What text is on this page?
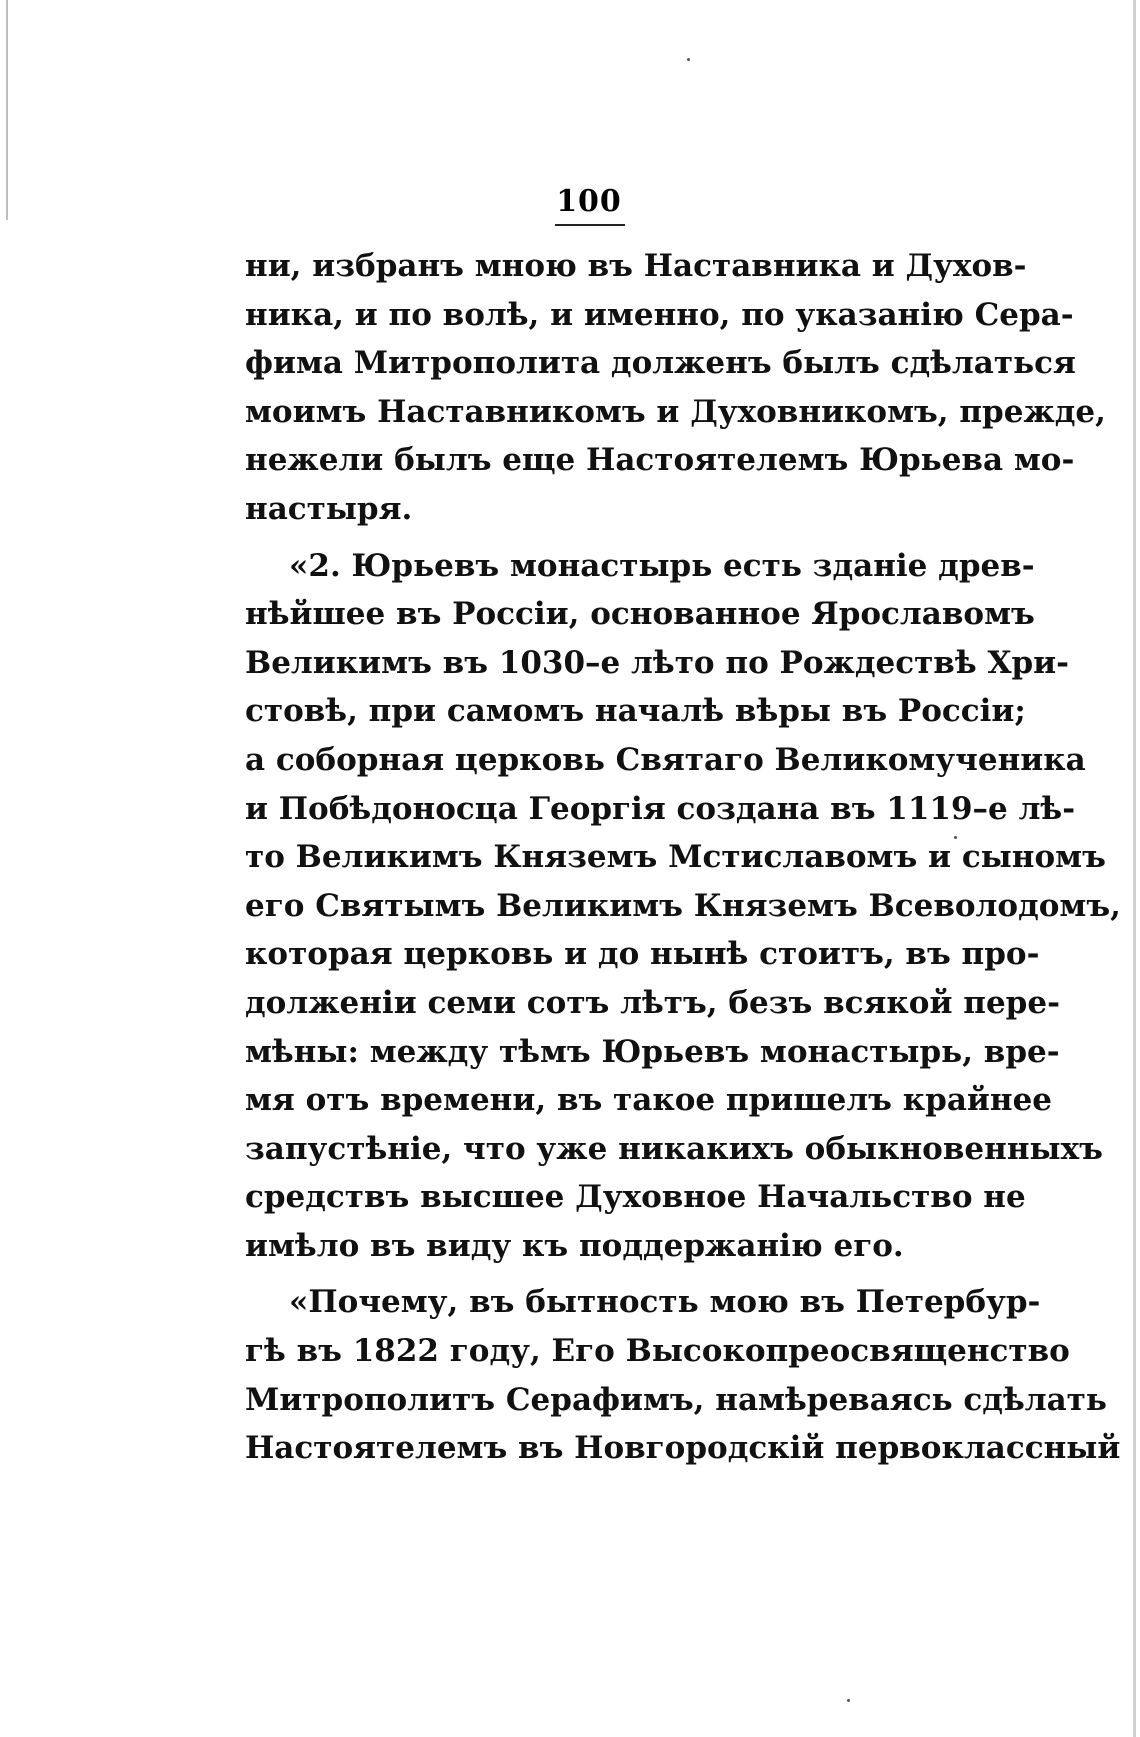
100
ни, избранъ мною въ Наставника и Духов-
ника, и по волѣ, и именно, по указанію Сера-
фима Митрополита долженъ былъ сдѣлаться
моимъ Наставникомъ и Духовникомъ, прежде,
нежели былъ еще Настоятелемъ Юрьева мо-
настыря.
«2. Юрьевъ монастырь есть зданіе древ-
нѣйшее въ Россіи, основанное Ярославомъ
Великимъ въ 1030–е лѣто по Рождествѣ Хри-
стовѣ, при самомъ началѣ вѣры въ Россіи;
а соборная церковь Святаго Великомученика
и Побѣдоносца Георгія создана въ 1119–е лѣ-
то Великимъ Княземъ Мстиславомъ и сыномъ
его Святымъ Великимъ Княземъ Всеволодомъ,
которая церковь и до нынѣ стоитъ, въ про-
долженіи семи сотъ лѣтъ, безъ всякой пере-
мѣны: между тѣмъ Юрьевъ монастырь, вре-
мя отъ времени, въ такое пришелъ крайнее
запустѣніе, что уже никакихъ обыкновенныхъ
средствъ высшее Духовное Начальство не
имѣло въ виду къ поддержанію его.
«Почему, въ бытность мою въ Петербур-
гѣ въ 1822 году, Его Высокопреосвященство
Митрополитъ Серафимъ, намѣреваясь сдѣлать
Настоятелемъ въ Новгородскій первоклассный
